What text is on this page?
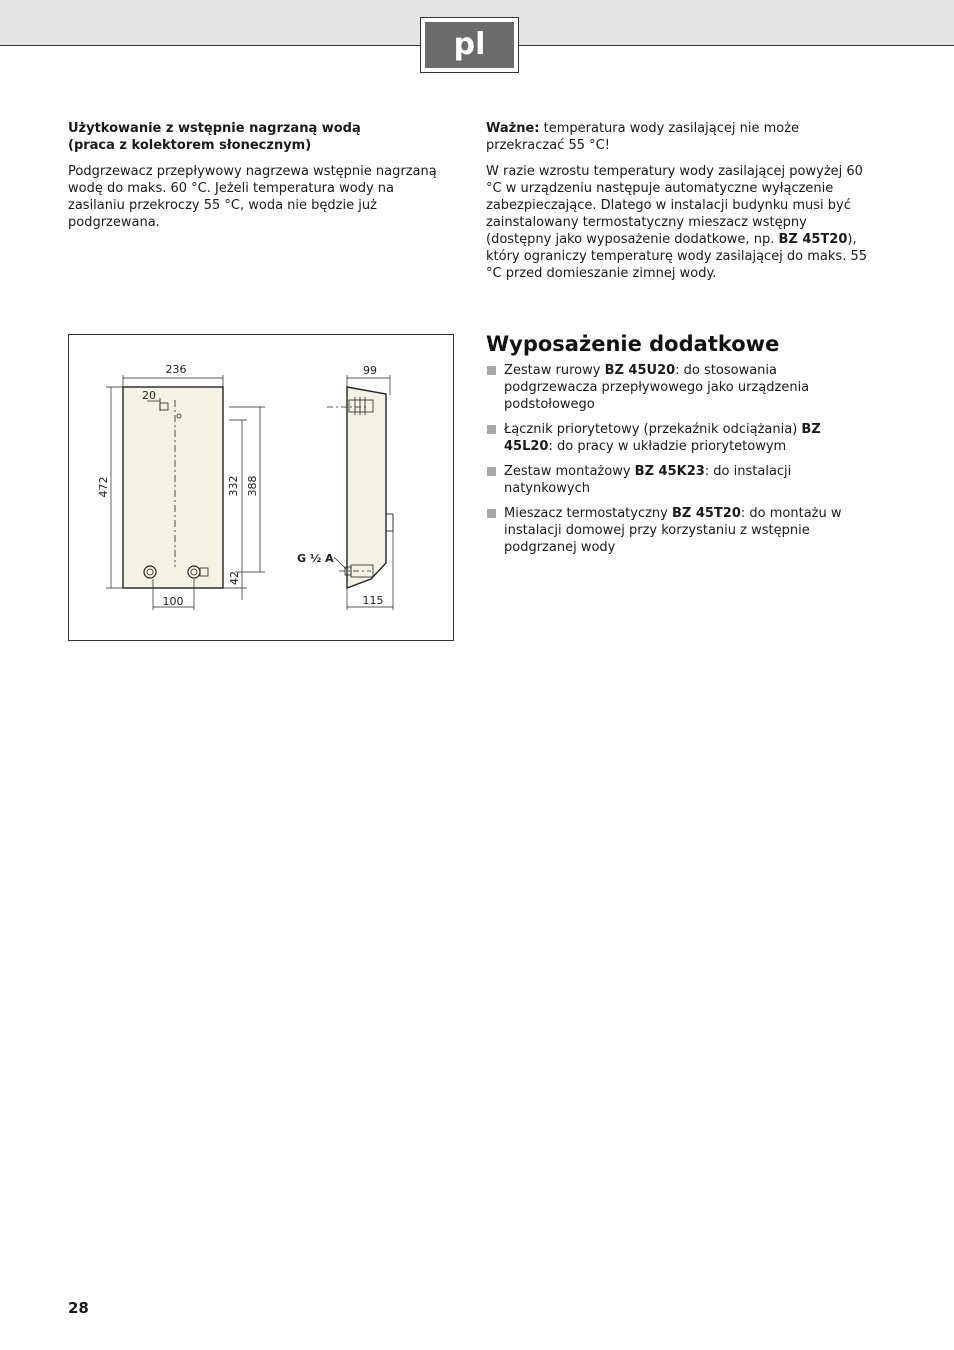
pl
Użytkowanie z wstępnie nagrzaną wodą
(praca z kolektorem słonecznym)

Podgrzewacz przepływowy nagrzewa wstępnie nagrzaną wodę do maks. 60 °C. Jeżeli temperatura wody na zasilaniu przekroczy 55 °C, woda nie będzie już podgrzewana.

Ważne: temperatura wody zasilającej nie może przekraczać 55 °C!

W razie wzrostu temperatury wody zasilającej powyżej 60 °C w urządzeniu następuje automatyczne wyłączenie zabezpieczające. Dlatego w instalacji budynku musi być zainstalowany termostatyczny mieszacz wstępny (dostępny jako wyposażenie dodatkowe, np. BZ 45T20), który ograniczy temperaturę wody zasilającej do maks. 55 °C przed domieszanie zimnej wody.

236
20
472	332 388
42
100
99
115
G ½ A
Wyposażenie dodatkowe
Zestaw rurowy BZ 45U20: do stosowania podgrzewacza przepływowego jako urządzenia podstołowego
Łącznik priorytetowy (przekaźnik odciążania) BZ 45L20: do pracy w układzie priorytetowym
Zestaw montażowy BZ 45K23: do instalacji natynkowych
Mieszacz termostatyczny BZ 45T20: do montażu w instalacji domowej przy korzystaniu z wstępnie podgrzanej wody
28
